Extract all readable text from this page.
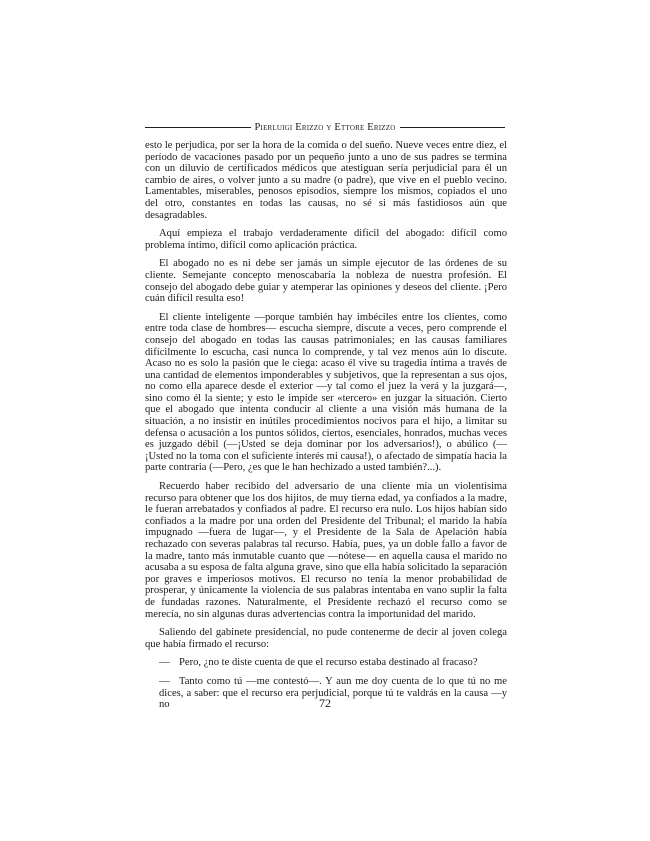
Pierluigi Erizzo y Ettore Erizzo

esto le perjudica, por ser la hora de la comida o del sueño. Nueve veces entre diez, el período de vacaciones pasado por un pequeño junto a uno de sus padres se termina con un diluvio de certificados médicos que atestiguan sería perjudicial para él un cambio de aires, o volver junto a su madre (o padre), que vive en el pueblo vecino. Lamentables, miserables, penosos episodios, siempre los mismos, copiados el uno del otro, constantes en todas las causas, no sé si más fastidiosos aún que desagradables.

Aquí empieza el trabajo verdaderamente difícil del abogado: difícil como problema íntimo, difícil como aplicación práctica.

El abogado no es ni debe ser jamás un simple ejecutor de las órdenes de su cliente. Semejante concepto menoscabaría la nobleza de nuestra profesión. El consejo del abogado debe guiar y atemperar las opiniones y deseos del cliente. ¡Pero cuán difícil resulta eso!

El cliente inteligente —porque también hay imbéciles entre los clientes, como entre toda clase de hombres— escucha siempre, discute a veces, pero comprende el consejo del abogado en todas las causas patrimoniales; en las causas familiares difícilmente lo escucha, casi nunca lo comprende, y tal vez menos aún lo discute. Acaso no es solo la pasión que le ciega: acaso él vive su tragedia íntima a través de una cantidad de elementos imponderables y subjetivos, que la representan a sus ojos, no como ella aparece desde el exterior —y tal como el juez la verá y la juzgará—, sino como él la siente; y esto le impide ser «tercero» en juzgar la situación. Cierto que el abogado que intenta conducir al cliente a una visión más humana de la situación, a no insistir en inútiles procedimientos nocivos para el hijo, a limitar su defensa o acusación a los puntos sólidos, ciertos, esenciales, honrados, muchas veces es juzgado débil (—¡Usted se deja dominar por los adversarios!), o abúlico (—¡Usted no la toma con el suficiente interés mi causa!), o afectado de simpatía hacia la parte contraria (—Pero, ¿es que le han hechizado a usted también?...).

Recuerdo haber recibido del adversario de una cliente mía un violentísima recurso para obtener que los dos hijitos, de muy tierna edad, ya confiados a la madre, le fueran arrebatados y confiados al padre. El recurso era nulo. Los hijos habían sido confiados a la madre por una orden del Presidente del Tribunal; el marido la había impugnado —fuera de lugar—, y el Presidente de la Sala de Apelación había rechazado con severas palabras tal recurso. Había, pues, ya un doble fallo a favor de la madre, tanto más inmutable cuanto que —nótese— en aquella causa el marido no acusaba a su esposa de falta alguna grave, sino que ella había solicitado la separación por graves e imperiosos motivos. El recurso no tenía la menor probabilidad de prosperar, y únicamente la violencia de sus palabras intentaba en vano suplir la falta de fundadas razones. Naturalmente, el Presidente rechazó el recurso como se merecía, no sin algunas duras advertencias contra la importunidad del marido.

Saliendo del gabinete presidencial, no pude contenerme de decir al joven colega que había firmado el recurso:

— Pero, ¿no te diste cuenta de que el recurso estaba destinado al fracaso?

— Tanto como tú —me contestó—. Y aun me doy cuenta de lo que tú no me dices, a saber: que el recurso era perjudicial, porque tú te valdrás en la causa —y no	72
